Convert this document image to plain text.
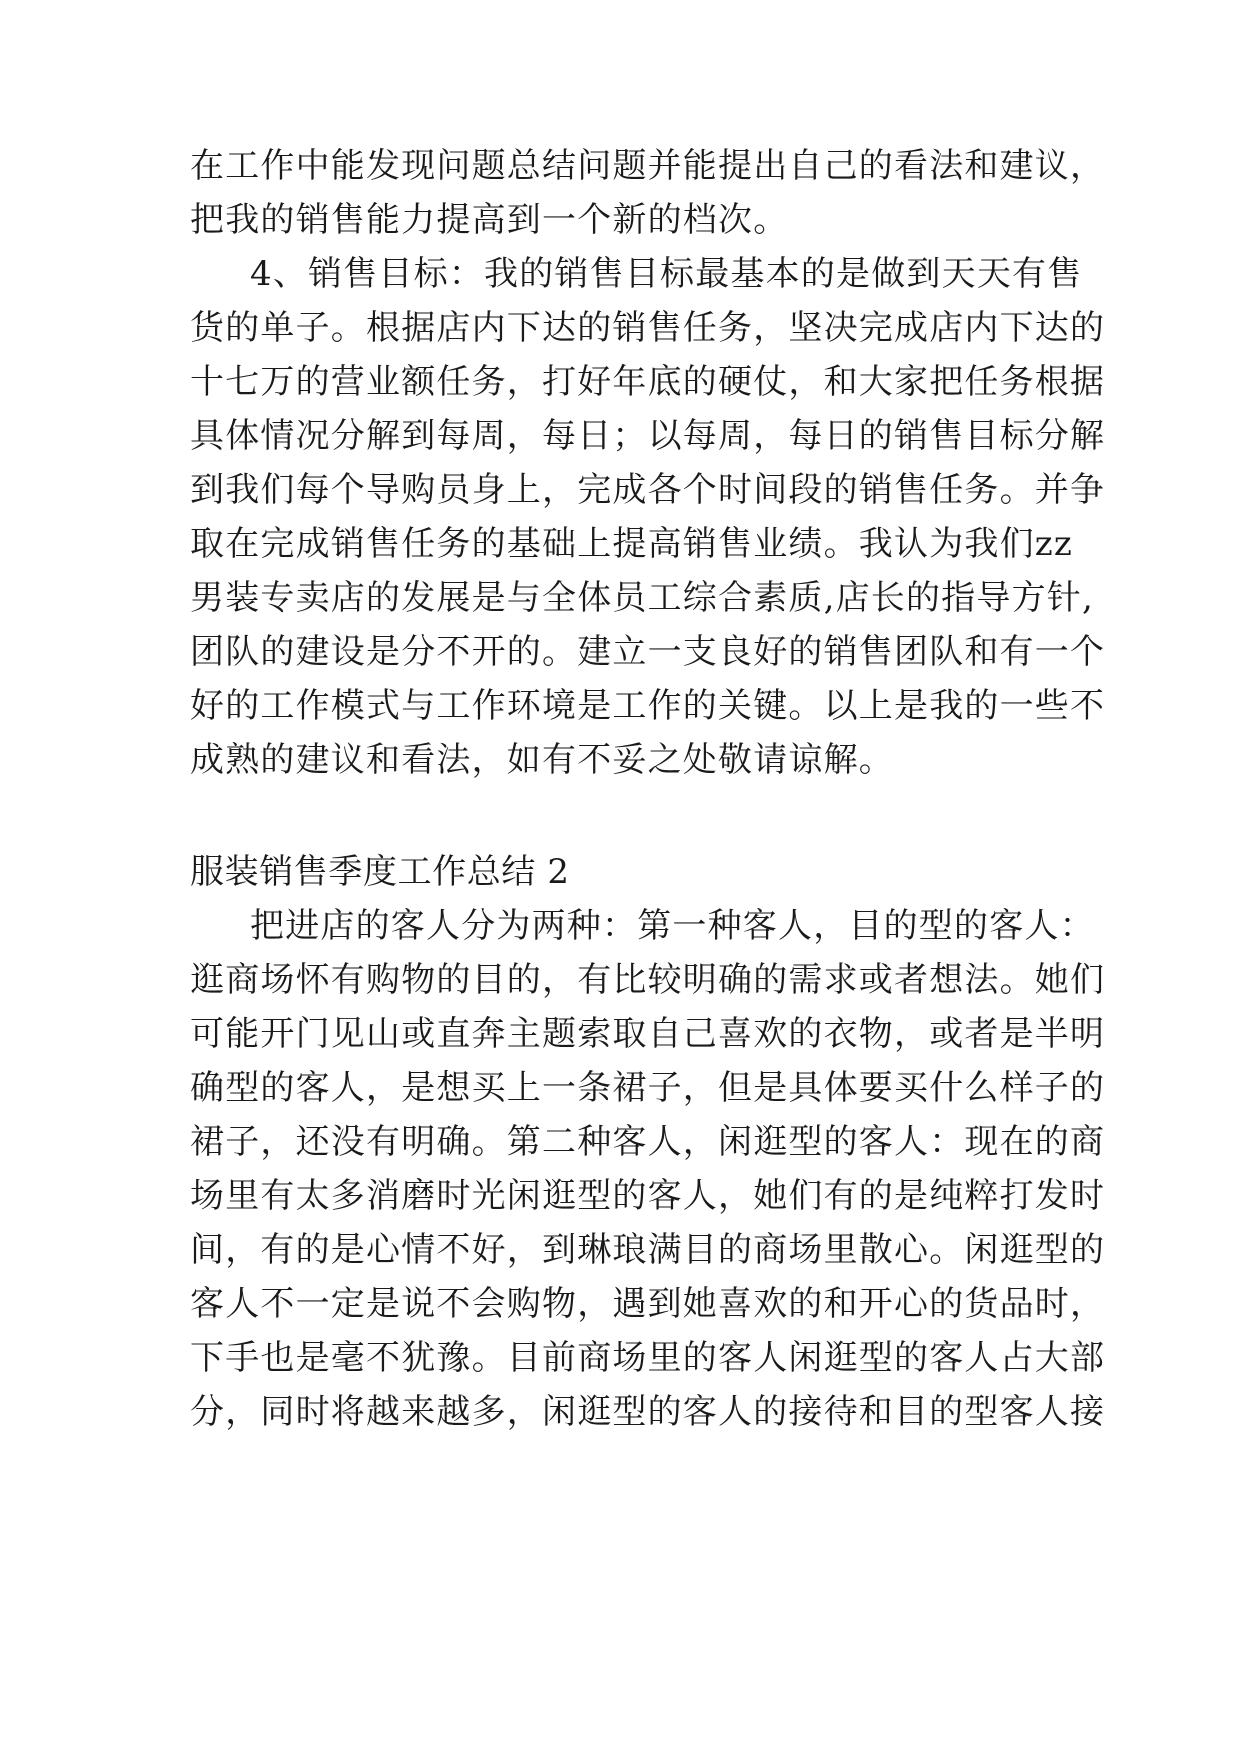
在工作中能发现问题总结问题并能提出自己的看法和建议，

把我的销售能力提高到一个新的档次。

4、销售目标：我的销售目标最基本的是做到天天有售

货的单子。根据店内下达的销售任务，坚决完成店内下达的

十七万的营业额任务，打好年底的硬仗，和大家把任务根据

具体情况分解到每周，每日；以每周，每日的销售目标分解

到我们每个导购员身上，完成各个时间段的销售任务。并争

取在完成销售任务的基础上提高销售业绩。我认为我们zz

男装专卖店的发展是与全体员工综合素质,店长的指导方针,

团队的建设是分不开的。建立一支良好的销售团队和有一个

好的工作模式与工作环境是工作的关键。以上是我的一些不

成熟的建议和看法，如有不妥之处敬请谅解。

服装销售季度工作总结 2

把进店的客人分为两种：第一种客人，目的型的客人：

逛商场怀有购物的目的，有比较明确的需求或者想法。她们

可能开门见山或直奔主题索取自己喜欢的衣物，或者是半明

确型的客人，是想买上一条裙子，但是具体要买什么样子的

裙子，还没有明确。第二种客人，闲逛型的客人：现在的商

场里有太多消磨时光闲逛型的客人，她们有的是纯粹打发时

间，有的是心情不好，到琳琅满目的商场里散心。闲逛型的

客人不一定是说不会购物，遇到她喜欢的和开心的货品时，

下手也是毫不犹豫。目前商场里的客人闲逛型的客人占大部

分，同时将越来越多，闲逛型的客人的接待和目的型客人接
